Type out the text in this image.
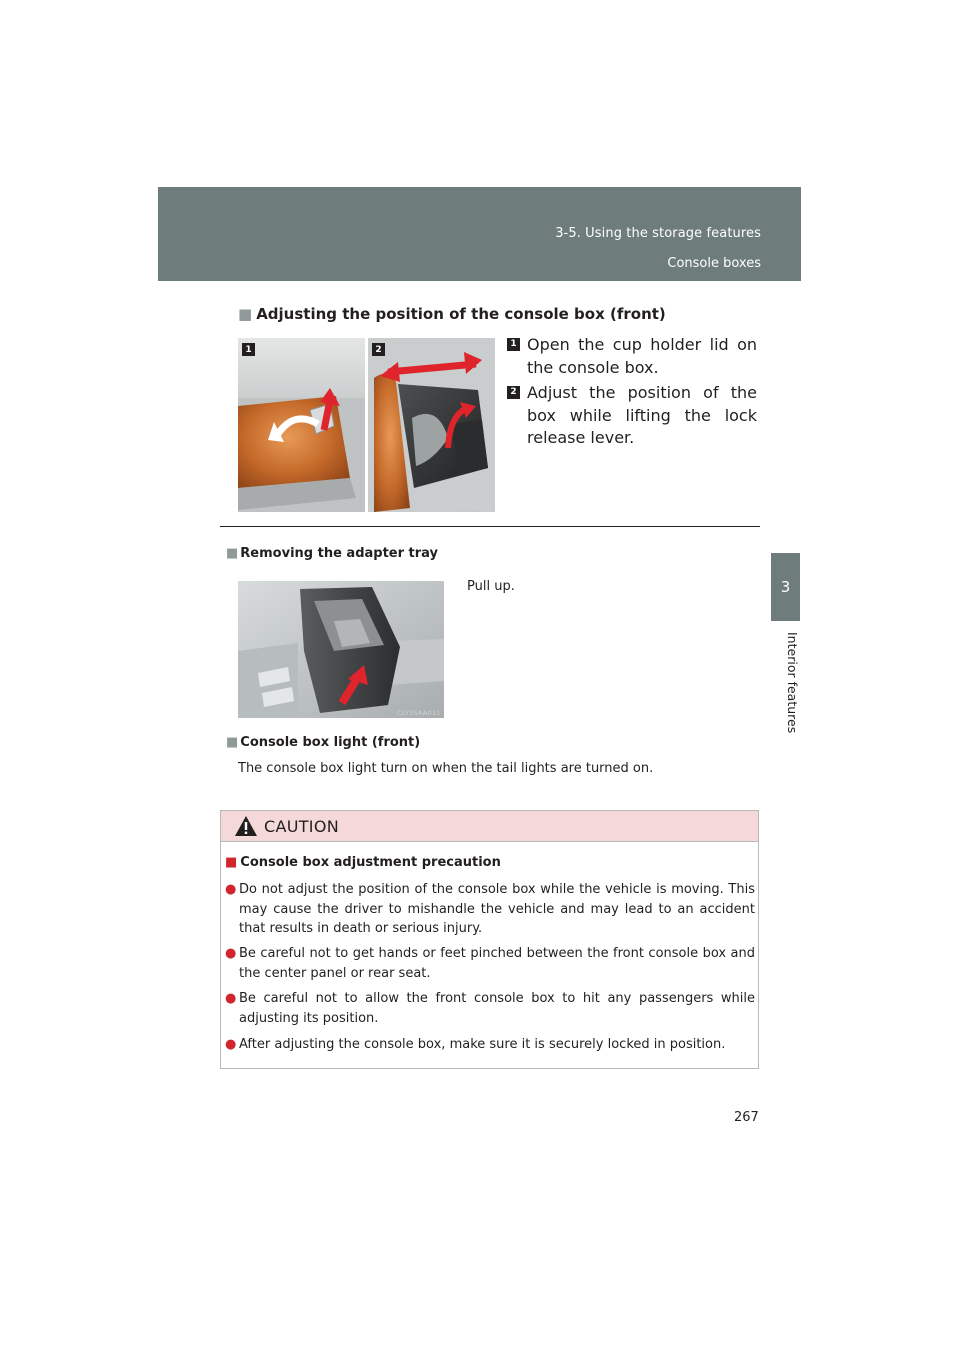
3-5. Using the storage features
Console boxes
3
Interior features
■ Adjusting the position of the console box (front)
1	2
CLY35AA017
1 Open the cup holder lid on the console box.
2 Adjust the position of the box while lifting the lock release lever.
■ Removing the adapter tray
CLY35AA011
Pull up.
■ Console box light (front)
The console box light turn on when the tail lights are turned on.
CAUTION
■ Console box adjustment precaution
● Do not adjust the position of the console box while the vehicle is moving. This may cause the driver to mishandle the vehicle and may lead to an accident that results in death or serious injury.
● Be careful not to get hands or feet pinched between the front console box and the center panel or rear seat.
● Be careful not to allow the front console box to hit any passengers while adjusting its position.
● After adjusting the console box, make sure it is securely locked in position.
267
